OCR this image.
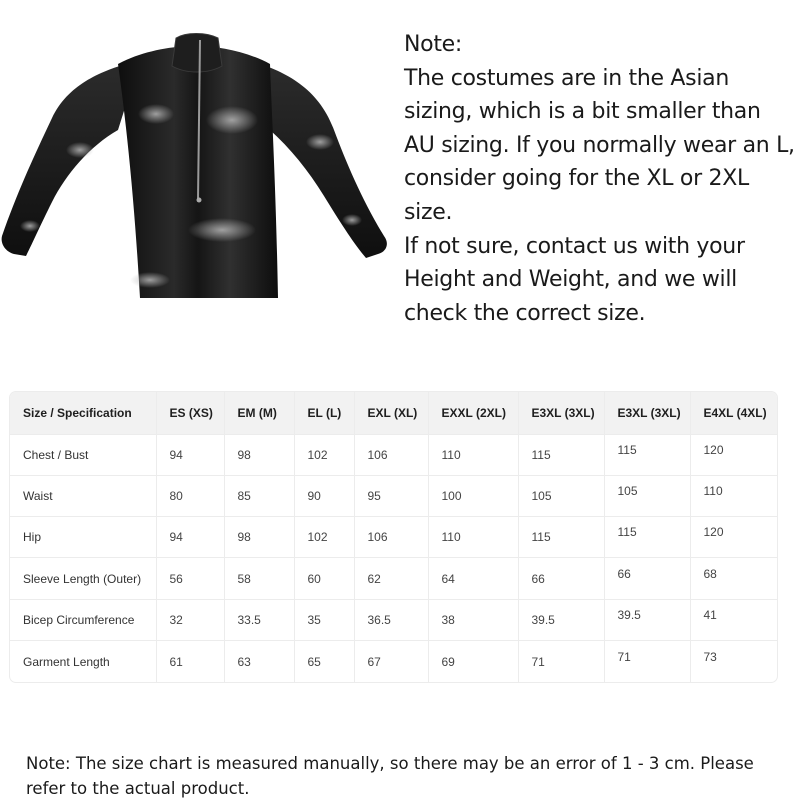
Note:

The costumes are in the Asian sizing, which is a bit smaller than AU sizing. If you normally wear an L, consider going for the XL or 2XL size.

If not sure, contact us with your Height and Weight, and we will check the correct size.

Size / Specification	ES (XS)	EM (M)	EL (L)	EXL (XL)	EXXL (2XL)	E3XL (3XL)	E3XL (3XL)	E4XL (4XL)
Chest / Bust	94	98	102	106	110	115	115	120
Waist	80	85	90	95	100	105	105	110
Hip	94	98	102	106	110	115	115	120
Sleeve Length (Outer)	56	58	60	62	64	66	66	68
Bicep Circumference	32	33.5	35	36.5	38	39.5	39.5	41
Garment Length	61	63	65	67	69	71	71	73
Note: The size chart is measured manually, so there may be an error of 1 - 3 cm. Please refer to the actual product.
